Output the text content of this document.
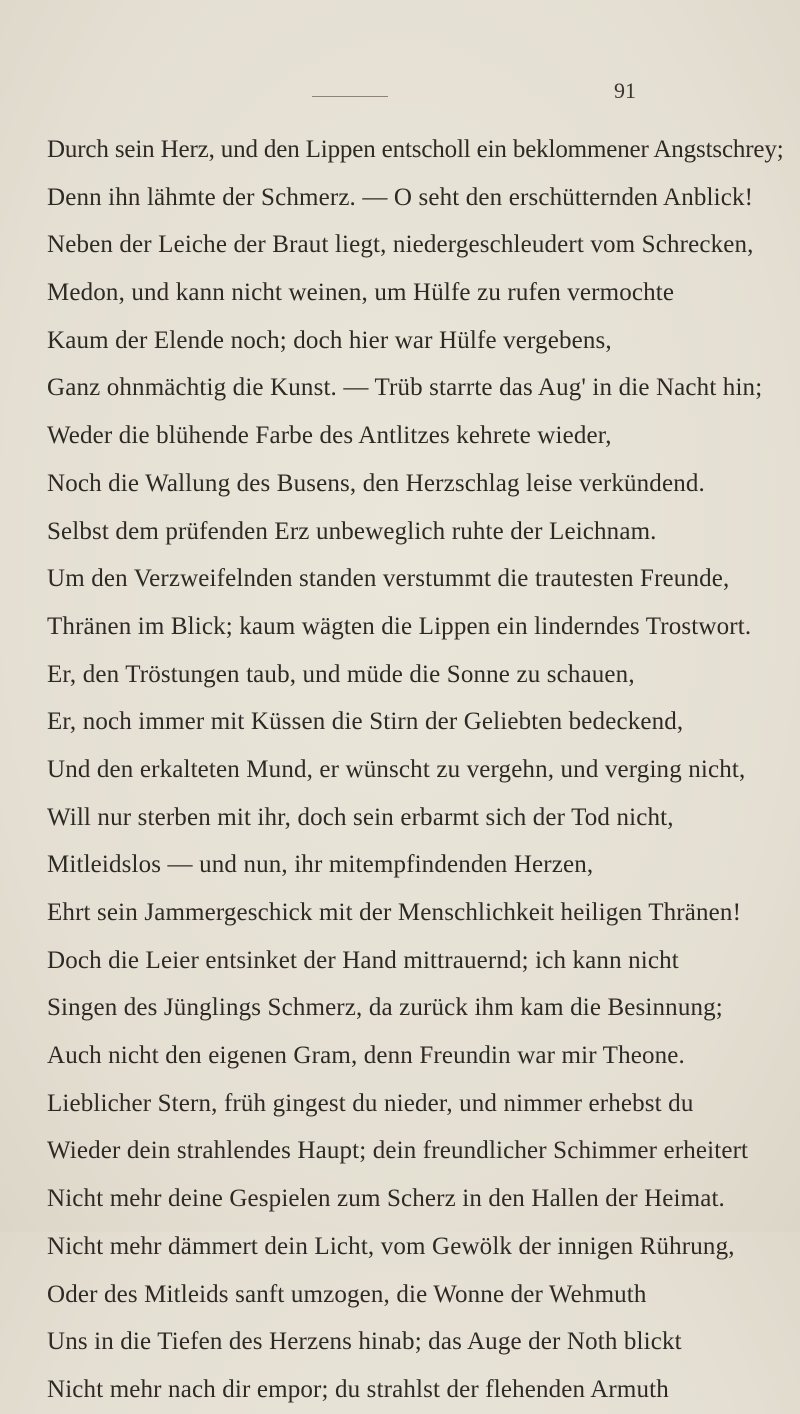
91
Durch sein Herz, und den Lippen entscholl ein beklommener Angstschrey;
Denn ihn lähmte der Schmerz. — O seht den erschütternden Anblick!
Neben der Leiche der Braut liegt, niedergeschleudert vom Schrecken,
Medon, und kann nicht weinen, um Hülfe zu rufen vermochte
Kaum der Elende noch; doch hier war Hülfe vergebens,
Ganz ohnmächtig die Kunst. — Trüb starrte das Aug' in die Nacht hin;
Weder die blühende Farbe des Antlitzes kehrete wieder,
Noch die Wallung des Busens, den Herzschlag leise verkündend.
Selbst dem prüfenden Erz unbeweglich ruhte der Leichnam.
Um den Verzweifelnden standen verstummt die trautesten Freunde,
Thränen im Blick; kaum wägten die Lippen ein linderndes Trostwort.
Er, den Tröstungen taub, und müde die Sonne zu schauen,
Er, noch immer mit Küssen die Stirn der Geliebten bedeckend,
Und den erkalteten Mund, er wünscht zu vergehn, und verging nicht,
Will nur sterben mit ihr, doch sein erbarmt sich der Tod nicht,
Mitleidslos — und nun, ihr mitempfindenden Herzen,
Ehrt sein Jammergeschick mit der Menschlichkeit heiligen Thränen!
Doch die Leier entsinket der Hand mittrauernd; ich kann nicht
Singen des Jünglings Schmerz, da zurück ihm kam die Besinnung;
Auch nicht den eigenen Gram, denn Freundin war mir Theone.
Lieblicher Stern, früh gingest du nieder, und nimmer erhebst du
Wieder dein strahlendes Haupt; dein freundlicher Schimmer erheitert
Nicht mehr deine Gespielen zum Scherz in den Hallen der Heimat.
Nicht mehr dämmert dein Licht, vom Gewölk der innigen Rührung,
Oder des Mitleids sanft umzogen, die Wonne der Wehmuth
Uns in die Tiefen des Herzens hinab; das Auge der Noth blickt
Nicht mehr nach dir empor; du strahlst der flehenden Armuth
